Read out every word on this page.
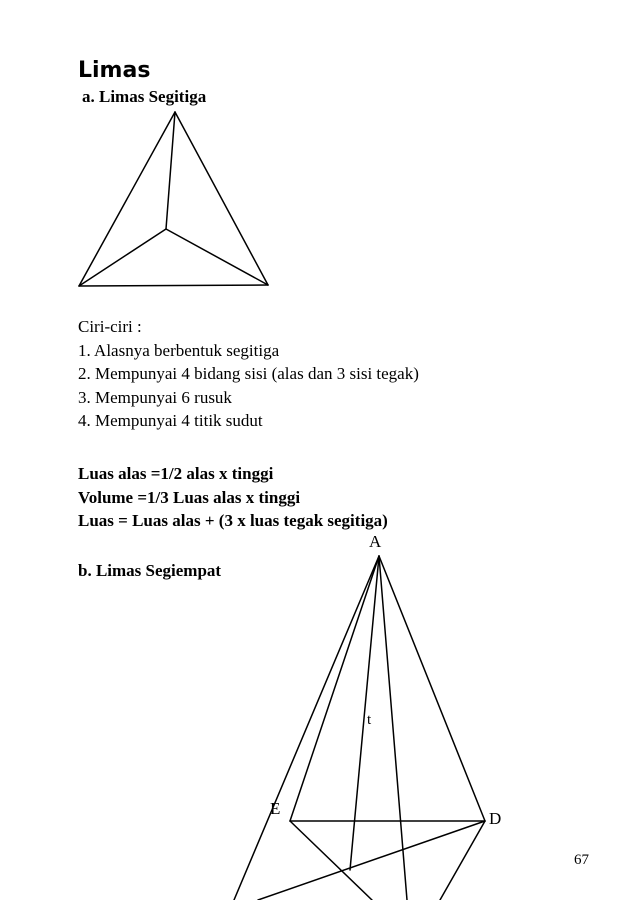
Limas
a. Limas Segitiga

A

t

E

D

Ciri-ciri :
1. Alasnya berbentuk segitiga
2. Mempunyai 4 bidang sisi (alas dan 3 sisi tegak)
3. Mempunyai 6 rusuk
4. Mempunyai 4 titik sudut
Luas alas =1/2 alas x tinggi
Volume =1/3 Luas alas x tinggi
Luas = Luas alas + (3 x luas tegak segitiga)
b. Limas Segiempat

67
